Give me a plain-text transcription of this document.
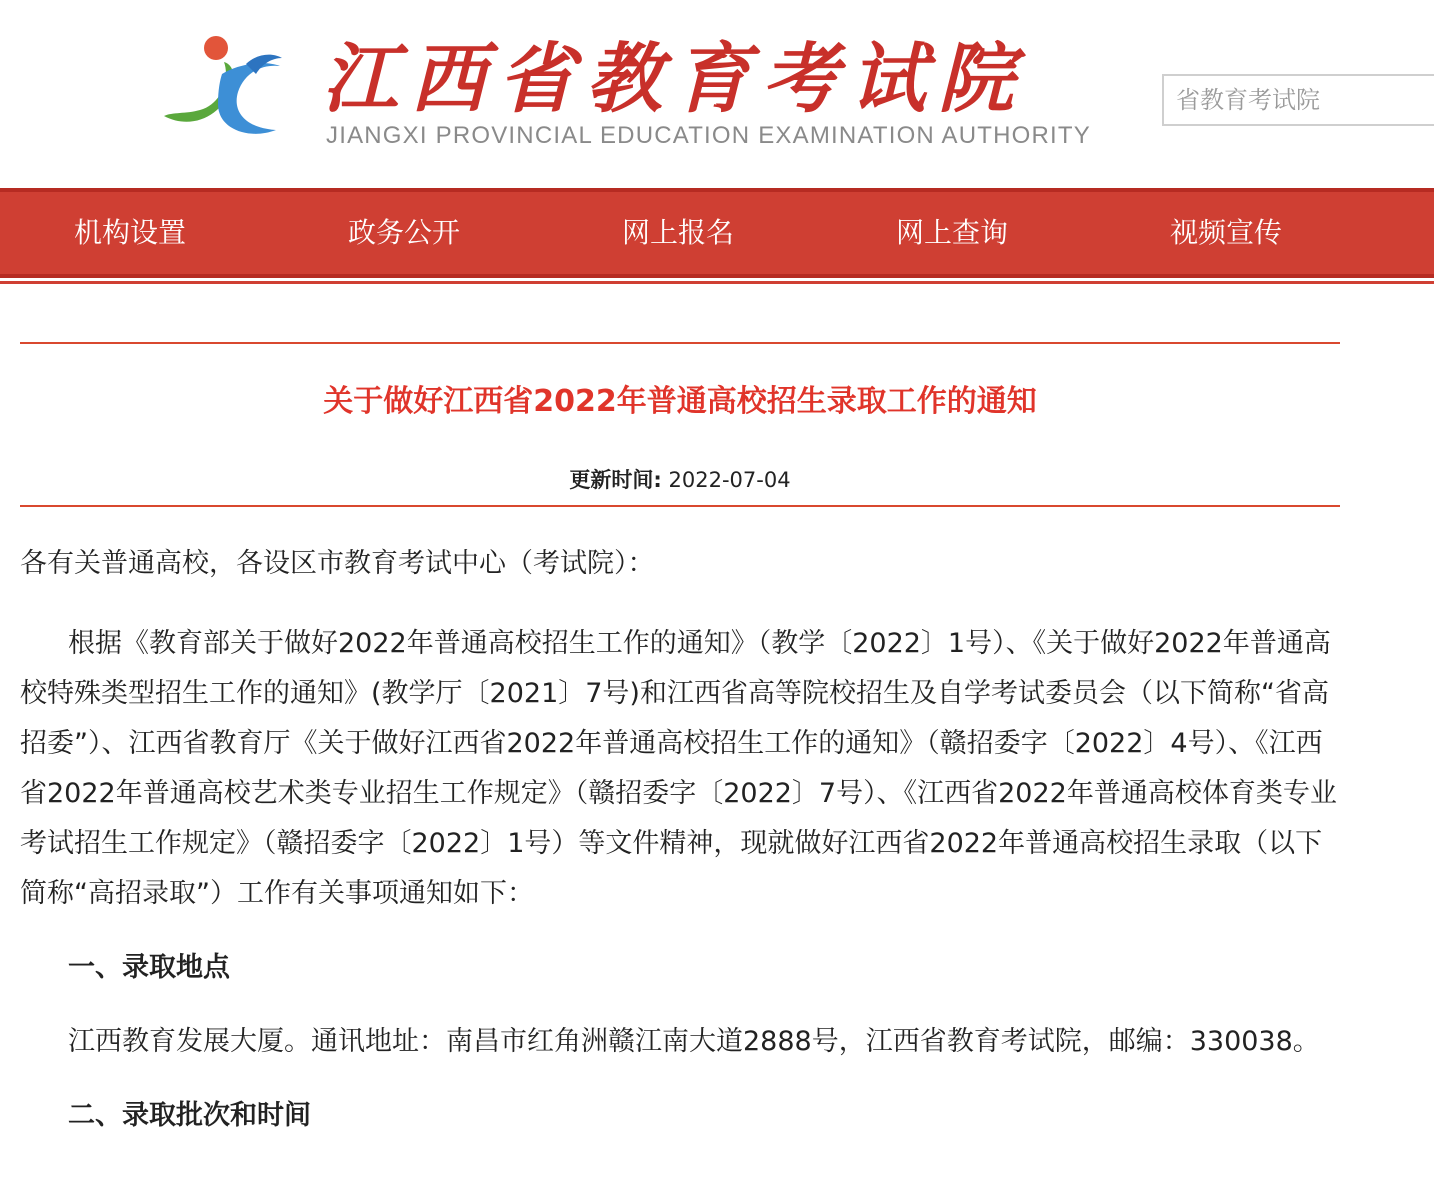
江西省教育考试院
JIANGXI PROVINCIAL EDUCATION EXAMINATION AUTHORITY
省教育考试院
机构设置	政务公开	网上报名	网上查询	视频宣传
关于做好江西省2022年普通高校招生录取工作的通知
更新时间: 2022-07-04
各有关普通高校，各设区市教育考试中心（考试院）：
根据《教育部关于做好2022年普通高校招生工作的通知》（教学〔2022〕1号）、《关于做好2022年普通高校特殊类型招生工作的通知》(教学厅〔2021〕7号)和江西省高等院校招生及自学考试委员会（以下简称“省高招委”）、江西省教育厅《关于做好江西省2022年普通高校招生工作的通知》（赣招委字〔2022〕4号）、《江西省2022年普通高校艺术类专业招生工作规定》（赣招委字〔2022〕7号）、《江西省2022年普通高校体育类专业考试招生工作规定》（赣招委字〔2022〕1号）等文件精神，现就做好江西省2022年普通高校招生录取（以下简称“高招录取”）工作有关事项通知如下：
一、录取地点
江西教育发展大厦。通讯地址：南昌市红角洲赣江南大道2888号，江西省教育考试院，邮编：330038。
二、录取批次和时间
